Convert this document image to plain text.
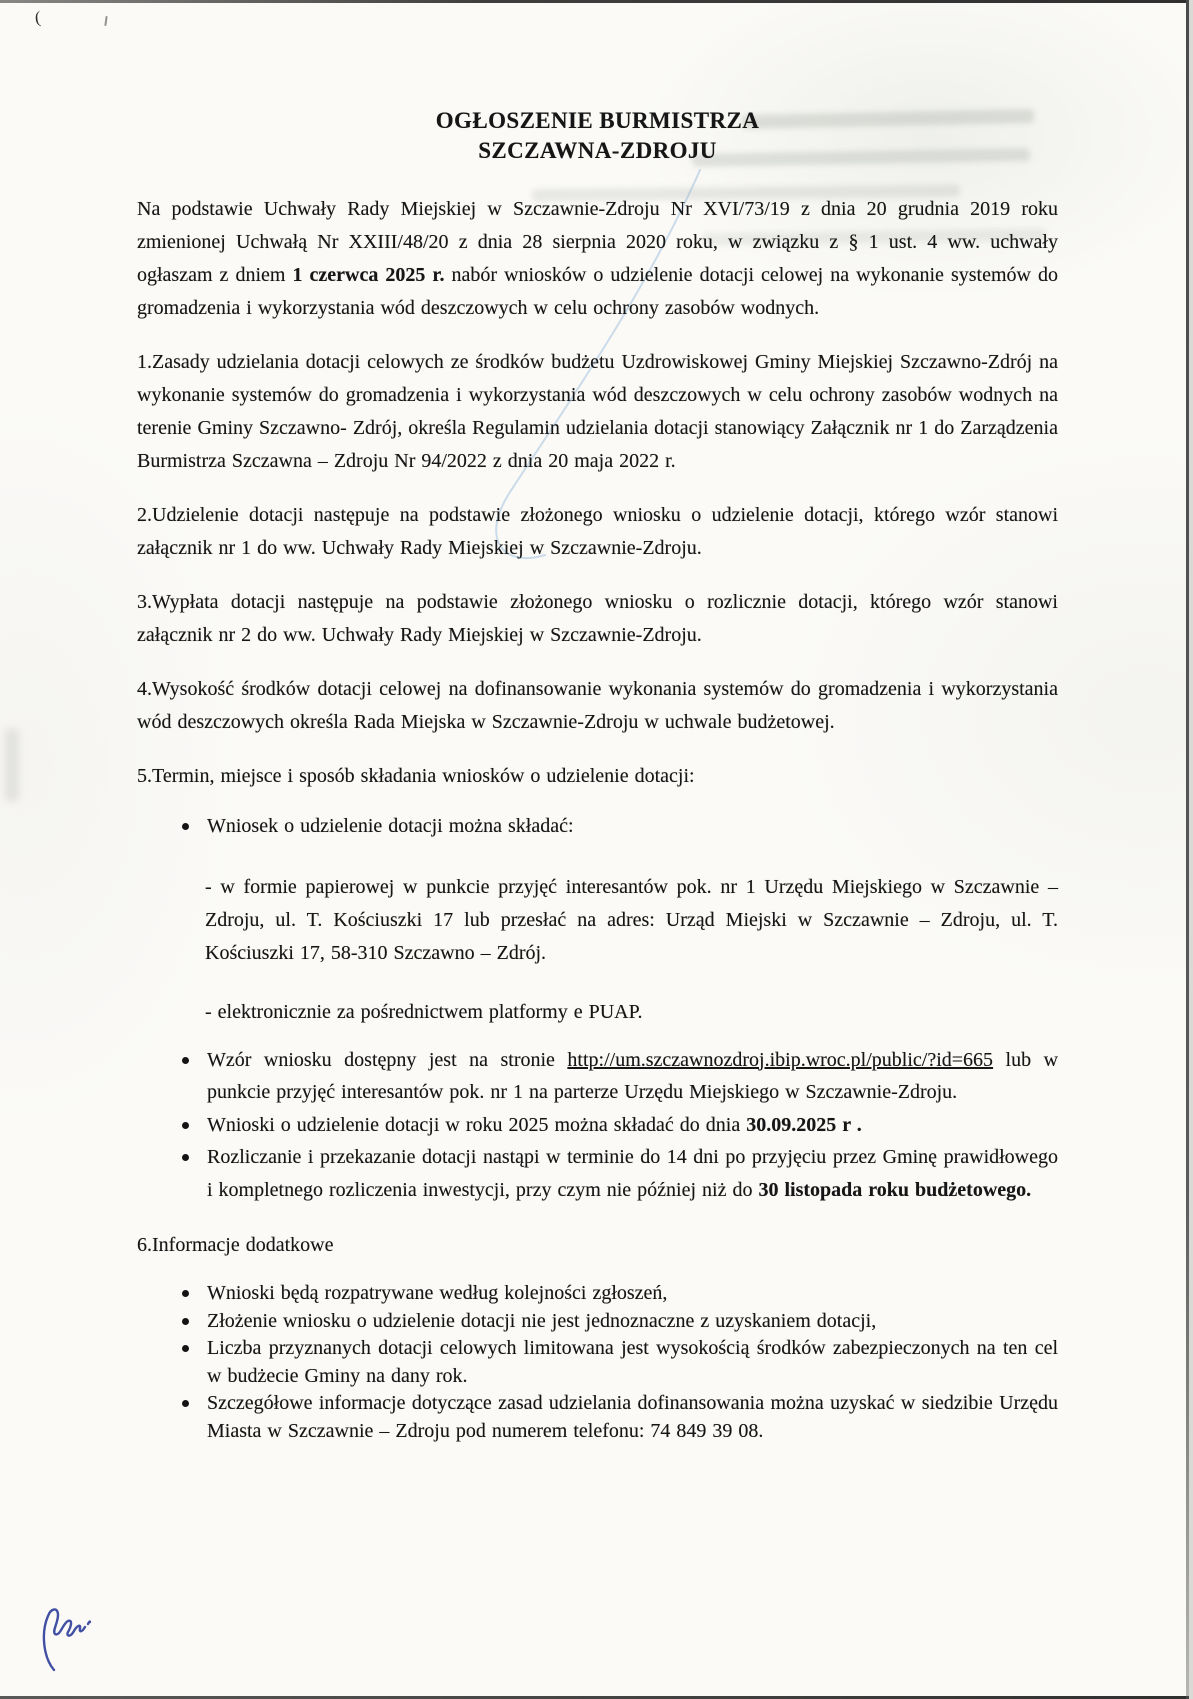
(
OGŁOSZENIE BURMISTRZA
SZCZAWNA-ZDROJU

Na podstawie Uchwały Rady Miejskiej w Szczawnie-Zdroju Nr XVI/73/19 z dnia 20 grudnia 2019 roku zmienionej Uchwałą Nr XXIII/48/20 z dnia 28 sierpnia 2020 roku, w związku z § 1 ust. 4 ww. uchwały ogłaszam z dniem 1 czerwca 2025 r. nabór wniosków o udzielenie dotacji celowej na wykonanie systemów do gromadzenia i wykorzystania wód deszczowych w celu ochrony zasobów wodnych.

1.Zasady udzielania dotacji celowych ze środków budżetu Uzdrowiskowej Gminy Miejskiej Szczawno-Zdrój na wykonanie systemów do gromadzenia i wykorzystania wód deszczowych w celu ochrony zasobów wodnych na terenie Gminy Szczawno- Zdrój, określa Regulamin udzielania dotacji stanowiący Załącznik nr 1 do Zarządzenia Burmistrza Szczawna – Zdroju Nr 94/2022 z dnia 20 maja 2022 r.

2.Udzielenie dotacji następuje na podstawie złożonego wniosku o udzielenie dotacji, którego wzór stanowi załącznik nr 1 do ww. Uchwały Rady Miejskiej w Szczawnie-Zdroju.

3.Wypłata dotacji następuje na podstawie złożonego wniosku o rozlicznie dotacji, którego wzór stanowi załącznik nr 2 do ww. Uchwały Rady Miejskiej w Szczawnie-Zdroju.

4.Wysokość środków dotacji celowej na dofinansowanie wykonania systemów do gromadzenia i wykorzystania wód deszczowych określa Rada Miejska w Szczawnie-Zdroju w uchwale budżetowej.

5.Termin, miejsce i sposób składania wniosków o udzielenie dotacji:

Wniosek o udzielenie dotacji można składać:
- w formie papierowej w punkcie przyjęć interesantów pok. nr 1 Urzędu Miejskiego w Szczawnie – Zdroju, ul. T. Kościuszki 17 lub przesłać na adres: Urząd Miejski w Szczawnie – Zdroju, ul. T. Kościuszki 17, 58-310 Szczawno – Zdrój.
- elektronicznie za pośrednictwem platformy e PUAP.
Wzór wniosku dostępny jest na stronie http://um.szczawnozdroj.ibip.wroc.pl/public/?id=665 lub w punkcie przyjęć interesantów pok. nr 1 na parterze Urzędu Miejskiego w Szczawnie-Zdroju.
Wnioski o udzielenie dotacji w roku 2025 można składać do dnia 30.09.2025 r .
Rozliczanie i przekazanie dotacji nastąpi w terminie do 14 dni po przyjęciu przez Gminę prawidłowego i kompletnego rozliczenia inwestycji, przy czym nie później niż do 30 listopada roku budżetowego.

6.Informacje dodatkowe

Wnioski będą rozpatrywane według kolejności zgłoszeń,
Złożenie wniosku o udzielenie dotacji nie jest jednoznaczne z uzyskaniem dotacji,
Liczba przyznanych dotacji celowych limitowana jest wysokością środków zabezpieczonych na ten cel w budżecie Gminy na dany rok.
Szczegółowe informacje dotyczące zasad udzielania dofinansowania można uzyskać w siedzibie Urzędu Miasta w Szczawnie – Zdroju pod numerem telefonu: 74 849 39 08.
